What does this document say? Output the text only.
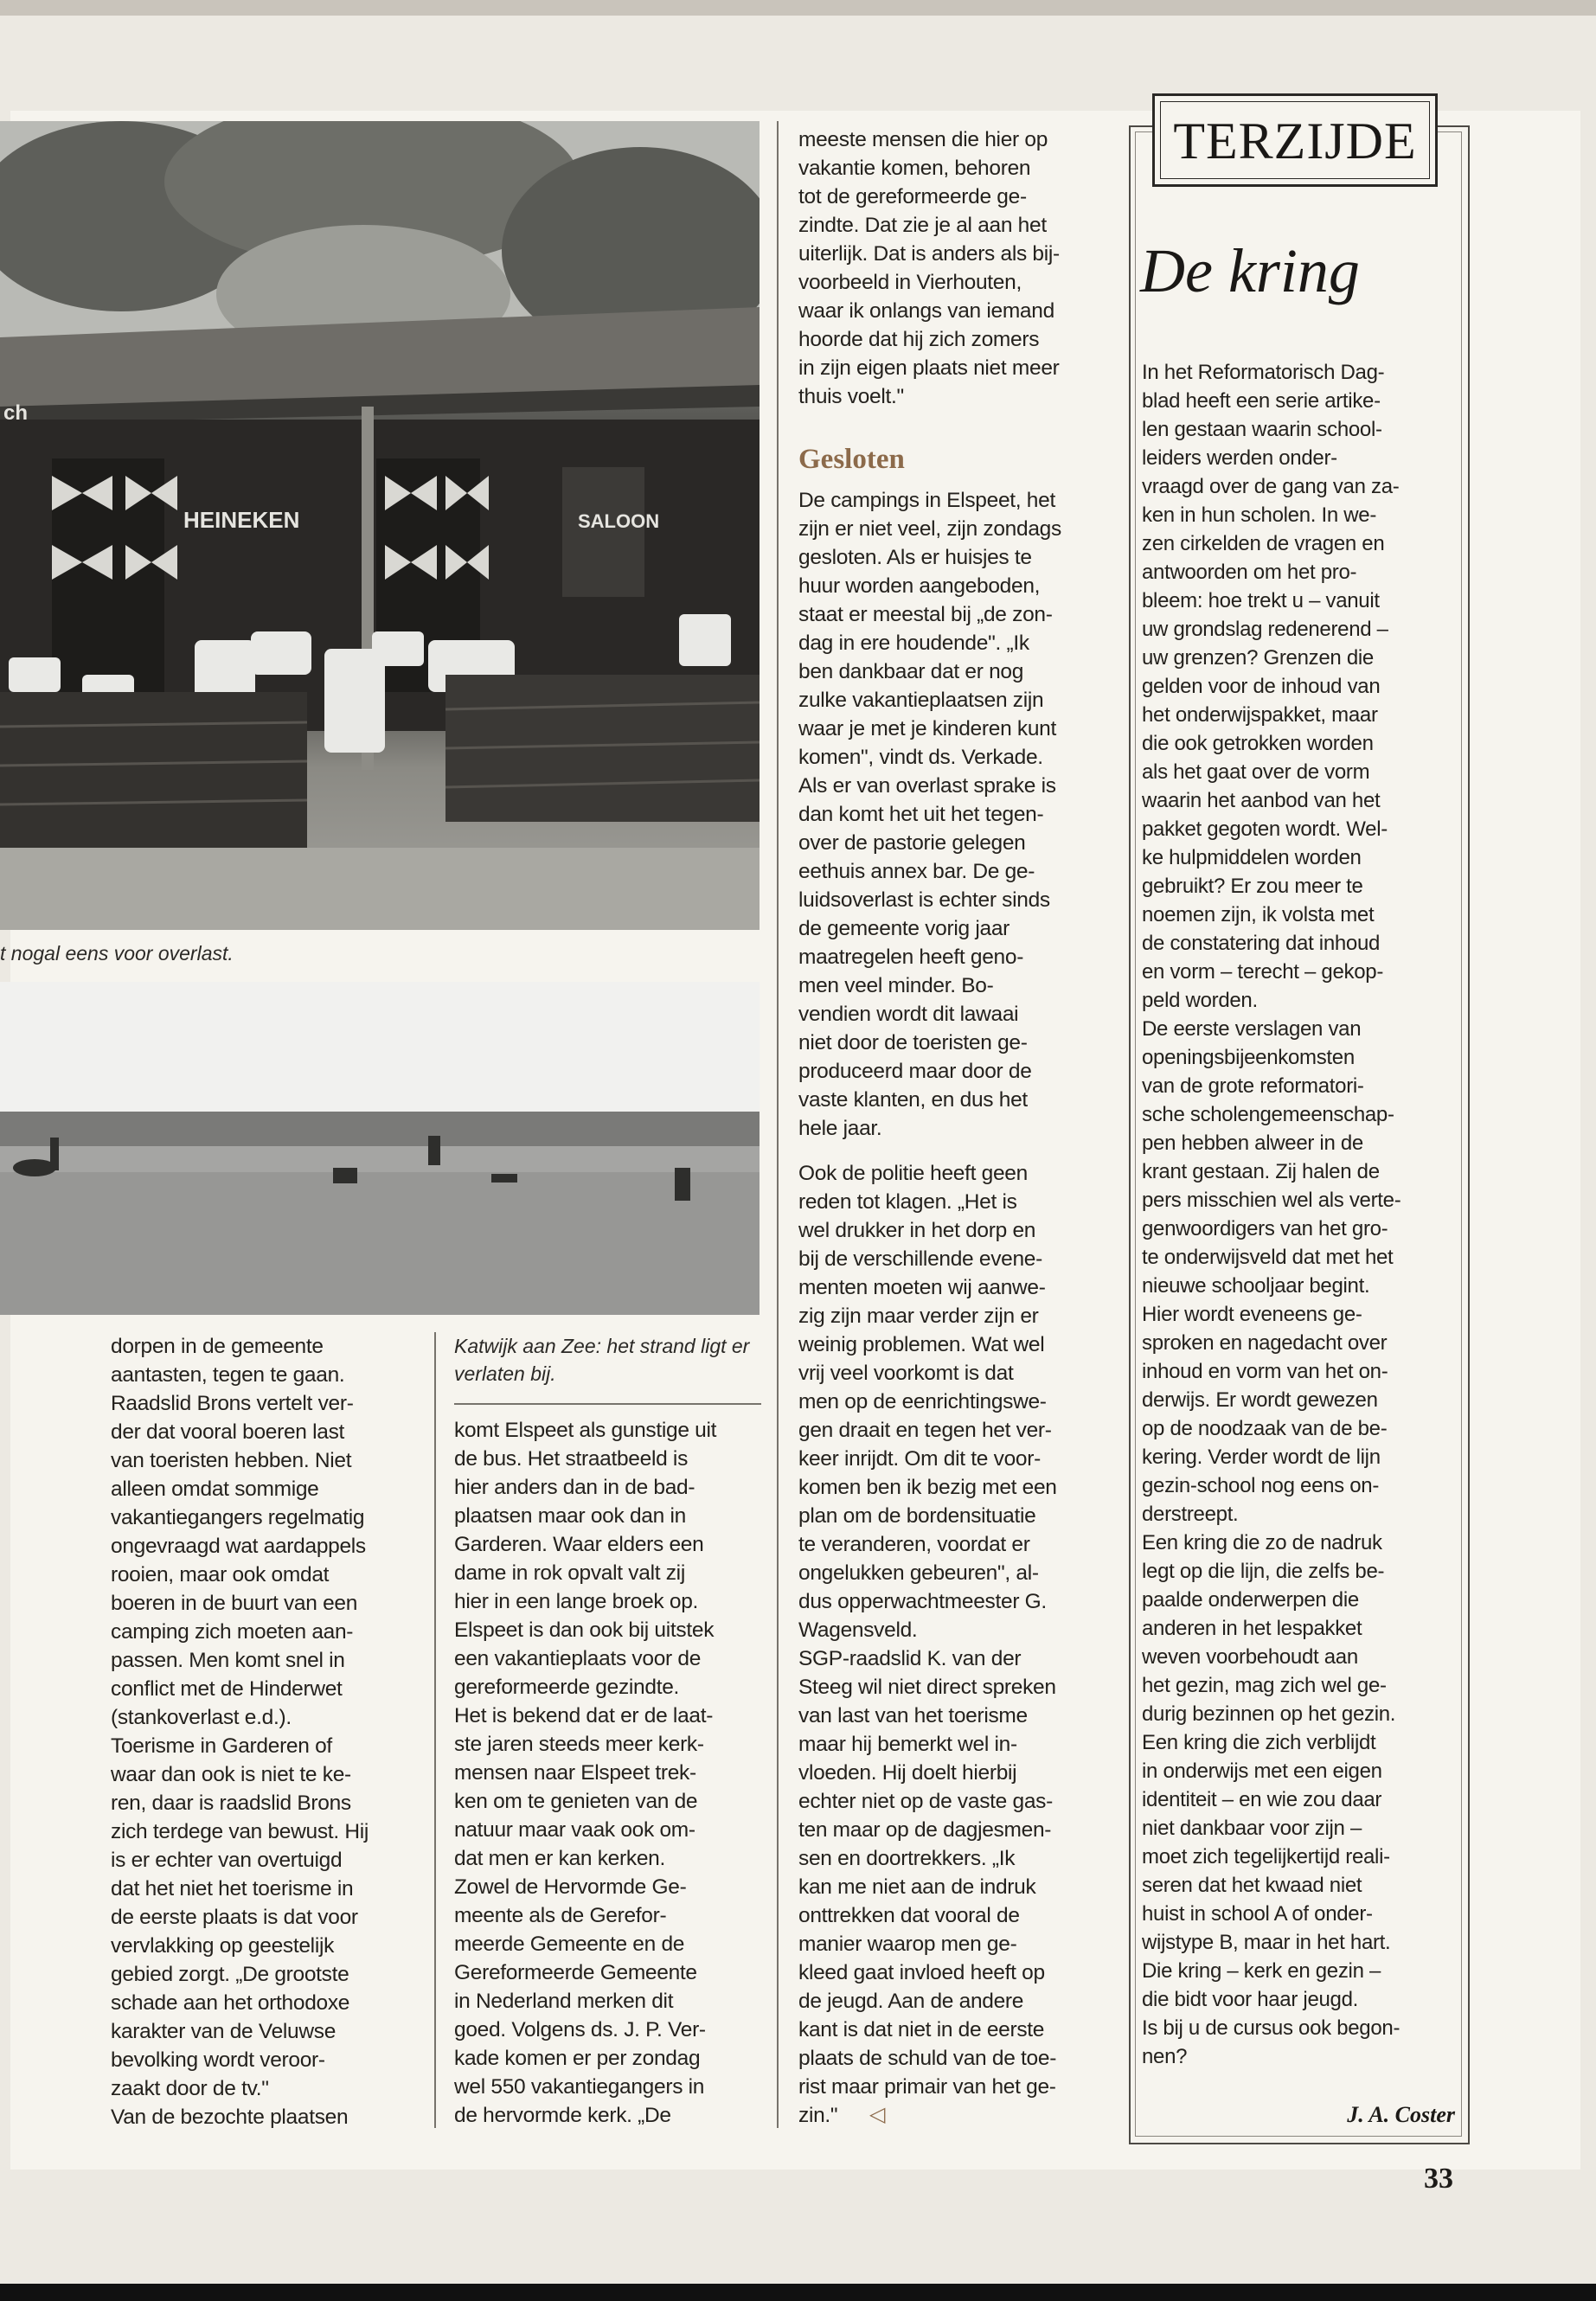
HEINEKEN	SALOON
ch
t nogal eens voor overlast.
dorpen in de gemeente
aantasten, tegen te gaan.
Raadslid Brons vertelt ver-
der dat vooral boeren last
van toeristen hebben. Niet
alleen omdat sommige
vakantiegangers regelmatig
ongevraagd wat aardappels
rooien, maar ook omdat
boeren in de buurt van een
camping zich moeten aan-
passen. Men komt snel in
conflict met de Hinderwet
(stankoverlast e.d.).
Toerisme in Garderen of
waar dan ook is niet te ke-
ren, daar is raadslid Brons
zich terdege van bewust. Hij
is er echter van overtuigd
dat het niet het toerisme in
de eerste plaats is dat voor
vervlakking op geestelijk
gebied zorgt. „De grootste
schade aan het orthodoxe
karakter van de Veluwse
bevolking wordt veroor-
zaakt door de tv."
Van de bezochte plaatsen
Katwijk aan Zee: het strand ligt er verlaten bij.
komt Elspeet als gunstige uit
de bus. Het straatbeeld is
hier anders dan in de bad-
plaatsen maar ook dan in
Garderen. Waar elders een
dame in rok opvalt valt zij
hier in een lange broek op.
Elspeet is dan ook bij uitstek
een vakantieplaats voor de
gereformeerde gezindte.
Het is bekend dat er de laat-
ste jaren steeds meer kerk-
mensen naar Elspeet trek-
ken om te genieten van de
natuur maar vaak ook om-
dat men er kan kerken.
Zowel de Hervormde Ge-
meente als de Gerefor-
meerde Gemeente en de
Gereformeerde Gemeente
in Nederland merken dit
goed. Volgens ds. J. P. Ver-
kade komen er per zondag
wel 550 vakantiegangers in
de hervormde kerk. „De
meeste mensen die hier op
vakantie komen, behoren
tot de gereformeerde ge-
zindte. Dat zie je al aan het
uiterlijk. Dat is anders als bij-
voorbeeld in Vierhouten,
waar ik onlangs van iemand
hoorde dat hij zich zomers
in zijn eigen plaats niet meer
thuis voelt."
Gesloten
De campings in Elspeet, het
zijn er niet veel, zijn zondags
gesloten. Als er huisjes te
huur worden aangeboden,
staat er meestal bij „de zon-
dag in ere houdende". „Ik
ben dankbaar dat er nog
zulke vakantieplaatsen zijn
waar je met je kinderen kunt
komen", vindt ds. Verkade.
Als er van overlast sprake is
dan komt het uit het tegen-
over de pastorie gelegen
eethuis annex bar. De ge-
luidsoverlast is echter sinds
de gemeente vorig jaar
maatregelen heeft geno-
men veel minder. Bo-
vendien wordt dit lawaai
niet door de toeristen ge-
produceerd maar door de
vaste klanten, en dus het
hele jaar.
Ook de politie heeft geen
reden tot klagen. „Het is
wel drukker in het dorp en
bij de verschillende evene-
menten moeten wij aanwe-
zig zijn maar verder zijn er
weinig problemen. Wat wel
vrij veel voorkomt is dat
men op de eenrichtingswe-
gen draait en tegen het ver-
keer inrijdt. Om dit te voor-
komen ben ik bezig met een
plan om de bordensituatie
te veranderen, voordat er
ongelukken gebeuren", al-
dus opperwachtmeester G.
Wagensveld.
SGP-raadslid K. van der
Steeg wil niet direct spreken
van last van het toerisme
maar hij bemerkt wel in-
vloeden. Hij doelt hierbij
echter niet op de vaste gas-
ten maar op de dagjesmen-
sen en doortrekkers. „Ik
kan me niet aan de indruk
onttrekken dat vooral de
manier waarop men ge-
kleed gaat invloed heeft op
de jeugd. Aan de andere
kant is dat niet in de eerste
plaats de schuld van de toe-
rist maar primair van het ge-
zin."	◁
TERZIJDE
De kring
In het Reformatorisch Dag-
blad heeft een serie artike-
len gestaan waarin school-
leiders werden onder-
vraagd over de gang van za-
ken in hun scholen. In we-
zen cirkelden de vragen en
antwoorden om het pro-
bleem: hoe trekt u – vanuit
uw grondslag redenerend –
uw grenzen? Grenzen die
gelden voor de inhoud van
het onderwijspakket, maar
die ook getrokken worden
als het gaat over de vorm
waarin het aanbod van het
pakket gegoten wordt. Wel-
ke hulpmiddelen worden
gebruikt? Er zou meer te
noemen zijn, ik volsta met
de constatering dat inhoud
en vorm – terecht – gekop-
peld worden.
De eerste verslagen van
openingsbijeenkomsten
van de grote reformatori-
sche scholengemeenschap-
pen hebben alweer in de
krant gestaan. Zij halen de
pers misschien wel als verte-
genwoordigers van het gro-
te onderwijsveld dat met het
nieuwe schooljaar begint.
Hier wordt eveneens ge-
sproken en nagedacht over
inhoud en vorm van het on-
derwijs. Er wordt gewezen
op de noodzaak van de be-
kering. Verder wordt de lijn
gezin-school nog eens on-
derstreept.
Een kring die zo de nadruk
legt op die lijn, die zelfs be-
paalde onderwerpen die
anderen in het lespakket
weven voorbehoudt aan
het gezin, mag zich wel ge-
durig bezinnen op het gezin.
Een kring die zich verblijdt
in onderwijs met een eigen
identiteit – en wie zou daar
niet dankbaar voor zijn –
moet zich tegelijkertijd reali-
seren dat het kwaad niet
huist in school A of onder-
wijstype B, maar in het hart.
Die kring – kerk en gezin –
die bidt voor haar jeugd.
Is bij u de cursus ook begon-
nen?
J. A. Coster
33
